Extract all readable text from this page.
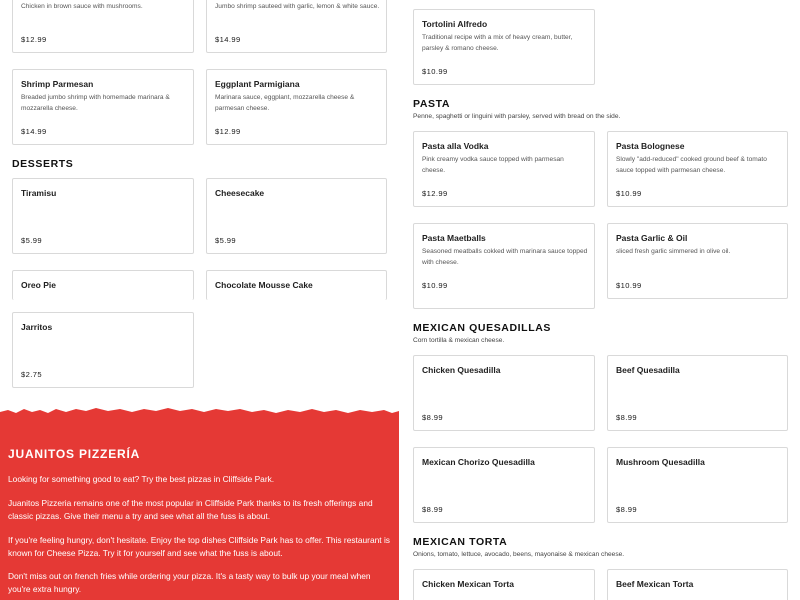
Chicken in brown sauce with mushrooms.
$12.99
Jumbo shrimp sauteed with garlic, lemon & white sauce.
$14.99
Shrimp Parmesan
Breaded jumbo shrimp with homemade marinara & mozzarella cheese.
$14.99
Eggplant Parmigiana
Marinara sauce, eggplant, mozzarella cheese & parmesan cheese.
$12.99
DESSERTS
Tiramisu
$5.99
Cheesecake
$5.99
Oreo Pie	Chocolate Mousse Cake
Jarritos
$2.75
JUANITOS PIZZERÍA
Looking for something good to eat? Try the best pizzas in Cliffside Park.
Juanitos Pizzeria remains one of the most popular in Cliffside Park thanks to its fresh offerings and classic pizzas. Give their menu a try and see what all the fuss is about.
If you're feeling hungry, don't hesitate. Enjoy the top dishes Cliffside Park has to offer. This restaurant is known for Cheese Pizza. Try it for yourself and see what the fuss is about.
Don't miss out on french fries while ordering your pizza. It's a tasty way to bulk up your meal when you're extra hungry.
Tortolini Alfredo
Traditional recipe with a mix of heavy cream, butter, parsley & romano cheese.
$10.99
PASTA
Penne, spaghetti or linguini with parsley, served with bread on the side.
Pasta alla Vodka
Pink creamy vodka sauce topped with parmesan cheese.
$12.99
Pasta Bolognese
Slowly "add-reduced" cooked ground beef & tomato sauce topped with parmesan cheese.
$10.99
Pasta Maetballs
Seasoned meatballs cokked with marinara sauce topped with cheese.
$10.99
Pasta Garlic & Oil
sliced fresh garlic simmered in olive oil.
$10.99
MEXICAN QUESADILLAS
Corn tortilla & mexican cheese.
Chicken Quesadilla
$8.99
Beef Quesadilla
$8.99
Mexican Chorizo Quesadilla
$8.99
Mushroom Quesadilla
$8.99
MEXICAN TORTA
Onions, tomato, lettuce, avocado, beens, mayonaise & mexican cheese.
Chicken Mexican Torta	Beef Mexican Torta
